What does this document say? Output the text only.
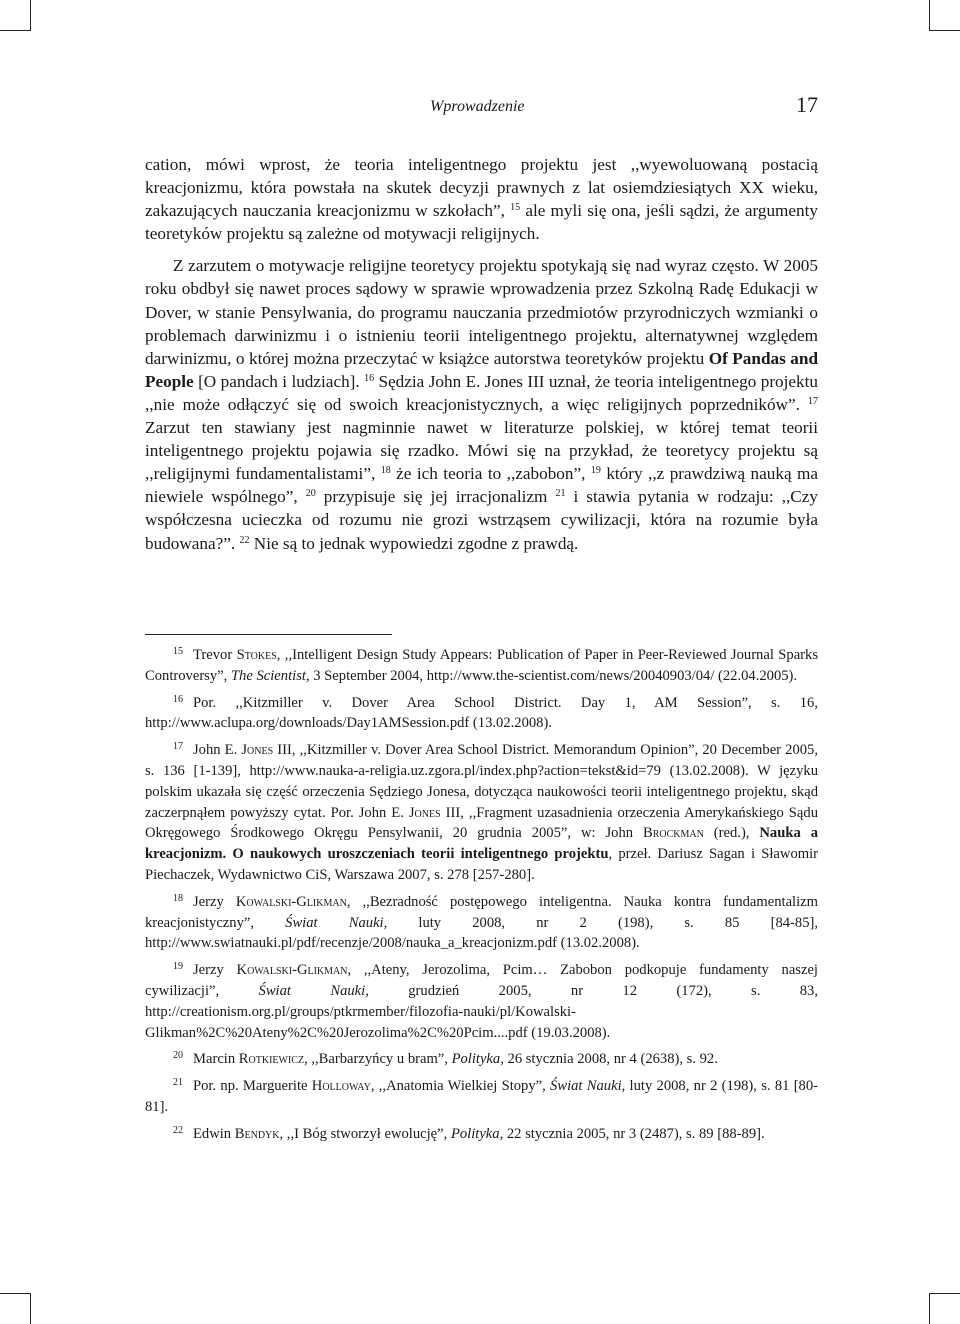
Wprowadzenie	17

cation, mówi wprost, że teoria inteligentnego projektu jest ,,wyewoluowaną postacią kreacjonizmu, która powstała na skutek decyzji prawnych z lat osiemdziesiątych XX wieku, zakazujących nauczania kreacjonizmu w szkołach”, $^{15}$ ale myli się ona, jeśli sądzi, że argumenty teoretyków projektu są zależne od motywacji religijnych.

Z zarzutem o motywacje religijne teoretycy projektu spotykają się nad wyraz często. W 2005 roku obdbył się nawet proces sądowy w sprawie wprowadzenia przez Szkolną Radę Edukacji w Dover, w stanie Pensylwania, do programu nauczania przedmiotów przyrodniczych wzmianki o problemach darwinizmu i o istnieniu teorii inteligentnego projektu, alternatywnej względem darwinizmu, o której można przeczytać w książce autorstwa teoretyków projektu Of Pandas and People [O pandach i ludziach]. $^{16}$ Sędzia John E. Jones III uznał, że teoria inteligentnego projektu ,,nie może odłączyć się od swoich kreacjonistycznych, a więc religijnych poprzedników”. $^{17}$ Zarzut ten stawiany jest nagminnie nawet w literaturze polskiej, w której temat teorii inteligentnego projektu pojawia się rzadko. Mówi się na przykład, że teoretycy projektu są ,,religijnymi fundamentalistami”, $^{18}$ że ich teoria to ,,zabobon”, $^{19}$ który ,,z prawdziwą nauką ma niewiele wspólnego”, $^{20}$ przypisuje się jej irracjonalizm $^{21}$ i stawia pytania w rodzaju: ,,Czy współczesna ucieczka od rozumu nie grozi wstrząsem cywilizacji, która na rozumie była budowana?”. $^{22}$ Nie są to jednak wypowiedzi zgodne z prawdą.

$^{15}$ Trevor Stokes, ,,Intelligent Design Study Appears: Publication of Paper in Peer-Reviewed Journal Sparks Controversy”, The Scientist, 3 September 2004, http://www.the-scientist.com/news/20040903/04/ (22.04.2005).

$^{16}$ Por. ,,Kitzmiller v. Dover Area School District. Day 1, AM Session”, s. 16, http://www.aclupa.org/downloads/Day1AMSession.pdf (13.02.2008).

$^{17}$ John E. Jones III, ,,Kitzmiller v. Dover Area School District. Memorandum Opinion”, 20 December 2005, s. 136 [1-139], http://www.nauka-a-religia.uz.zgora.pl/index.php?action=tekst&id=79 (13.02.2008). W języku polskim ukazała się część orzeczenia Sędziego Jonesa, dotycząca naukowości teorii inteligentnego projektu, skąd zaczerpnąłem powyższy cytat. Por. John E. Jones III, ,,Fragment uzasadnienia orzeczenia Amerykańskiego Sądu Okręgowego Środkowego Okręgu Pensylwanii, 20 grudnia 2005”, w: John Brockman (red.), Nauka a kreacjonizm. O naukowych uroszczeniach teorii inteligentnego projektu, przeł. Dariusz Sagan i Sławomir Piechaczek, Wydawnictwo CiS, Warszawa 2007, s. 278 [257-280].

$^{18}$ Jerzy Kowalski-Glikman, ,,Bezradność postępowego inteligentna. Nauka kontra fundamentalizm kreacjonistyczny”, Świat Nauki, luty 2008, nr 2 (198), s. 85 [84-85], http://www.swiatnauki.pl/pdf/recenzje/2008/nauka_a_kreacjonizm.pdf (13.02.2008).

$^{19}$ Jerzy Kowalski-Glikman, ,,Ateny, Jerozolima, Pcim… Zabobon podkopuje fundamenty naszej cywilizacji”, Świat Nauki, grudzień 2005, nr 12 (172), s. 83, http://creationism.org.pl/groups/ptkrmember/filozofia-nauki/pl/Kowalski-Glikman%2C%20Ateny%2C%20Jerozolima%2C%20Pcim....pdf (19.03.2008).

$^{20}$ Marcin Rotkiewicz, ,,Barbarzyńcy u bram”, Polityka, 26 stycznia 2008, nr 4 (2638), s. 92.

$^{21}$ Por. np. Marguerite Holloway, ,,Anatomia Wielkiej Stopy”, Świat Nauki, luty 2008, nr 2 (198), s. 81 [80-81].

$^{22}$ Edwin Bendyk, ,,I Bóg stworzył ewolucję”, Polityka, 22 stycznia 2005, nr 3 (2487), s. 89 [88-89].
